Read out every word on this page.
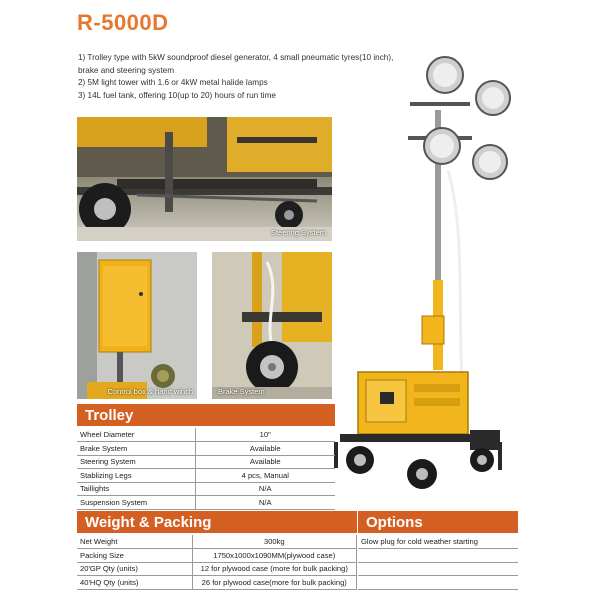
R-5000D
1) Trolley type with 5kW soundproof diesel generator, 4 small pneumatic tyres(10 inch),
brake and steering system
2) 5M light tower with 1.6 or 4kW metal halide lamps
3) 14L fuel tank, offering 10(up to 20) hours of run time
Steering System
Control box & hand winch	Brake System
Trolley
Wheel Diameter	10"
Brake System	Available
Steering System	Available
Stablizing Legs	4 pcs, Manual
Taillights	N/A
Suspension System	N/A
Weight & Packing
Net Weight	300kg
Packing Size	1750x1000x1090MM(plywood case)
20'GP Qty (units)	12 for plywood case (more for bulk packing)
40'HQ Qty (units)	26 for plywood case(more for bulk packing)
Options
Glow plug for cold weather starting
